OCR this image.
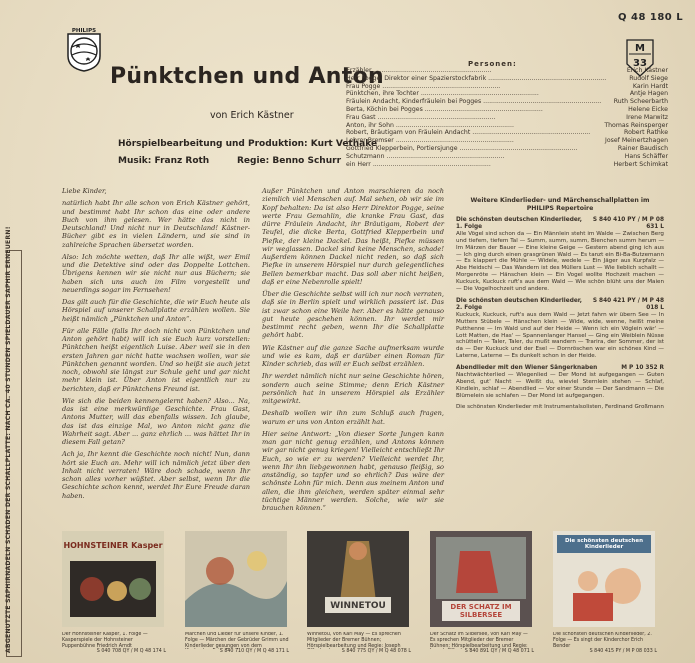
PHILIPS
Q 48 180 L
M
33
Pünktchen und Anton
von Erich Kästner
Hörspielbearbeitung und Produktion: Kurt Vethake
Musik: Franz Roth	Regie: Benno Schurr
Personen:
Erzähler ............................................................	Erich Kästner
Herr Pogge, Direktor einer Spazierstockfabrik ............................................................	Rudolf Siege
Frau Pogge ............................................................	Karin Hardt
Pünktchen, ihre Tochter ............................................................	Antje Hagen
Fräulein Andacht, Kinderfräulein bei Pogges ............................................................	Ruth Scheerbarth
Berta, Köchin bei Pogges ............................................................	Helene Eicke
Frau Gast ............................................................	Irene Marwitz
Anton, ihr Sohn ............................................................	Thomas Reinsperger
Robert, Bräutigam von Fräulein Andacht ............................................................	Robert Rathke
Lehrer Bremser ............................................................	Josef Meinertzhagen
Gottfried Klepperbein, Portiersjunge ............................................................	Rainer Baudisch
Schutzmann ............................................................	Hans Schäffer
ein Herr ............................................................	Herbert Schimkat

Liebe Kinder,

natürlich habt Ihr alle schon von Erich Kästner gehört, und bestimmt habt Ihr schon das eine oder andere Buch von ihm gelesen. Wer hätte das nicht in Deutschland! Und nicht nur in Deutschland! Kästner-Bücher gibt es in vielen Ländern, und sie sind in zahlreiche Sprachen übersetzt worden.

Also: Ich möchte wetten, daß Ihr alle wißt, wer Emil und die Detektive sind oder das Doppelte Lottchen. Übrigens kennen wir sie nicht nur aus Büchern; sie haben sich uns auch im Film vorgestellt und neuerdings sogar im Fernsehen!

Das gilt auch für die Geschichte, die wir Euch heute als Hörspiel auf unserer Schallplatte erzählen wollen. Sie heißt nämlich „Pünktchen und Anton“.

Für alle Fälle (falls Ihr doch nicht von Pünktchen und Anton gehört habt) will ich sie Euch kurz vorstellen: Pünktchen heißt eigentlich Luise. Aber weil sie in den ersten Jahren gar nicht hatte wachsen wollen, war sie Pünktchen genannt worden. Und so heißt sie auch jetzt noch, obwohl sie längst zur Schule geht und gar nicht mehr klein ist. Über Anton ist eigentlich nur zu berichten, daß er Pünktchens Freund ist.

Wie sich die beiden kennengelernt haben? Also... Na, das ist eine merkwürdige Geschichte. Frau Gast, Antons Mutter, will das ebenfalls wissen. Ich glaube, das ist das einzige Mal, wo Anton nicht ganz die Wahrheit sagt. Aber ... ganz ehrlich ... was hättet Ihr in diesem Fall getan?

Ach ja, Ihr kennt die Geschichte noch nicht! Nun, dann hört sie Euch an. Mehr will ich nämlich jetzt über den Inhalt nicht verraten! Wäre doch schade, wenn Ihr schon alles vorher wüßtet. Aber selbst, wenn Ihr die Geschichte schon kennt, werdet Ihr Eure Freude daran haben.

Außer Pünktchen und Anton marschieren da noch ziemlich viel Menschen auf. Mal sehen, ob wir sie im Kopf behalten: Da ist also Herr Direktor Pogge, seine werte Frau Gemahlin, die kranke Frau Gast, das dürre Fräulein Andacht, ihr Bräutigam, Robert der Teufel, die dicke Berta, Gottfried Klepperbein und Piefke, der kleine Dackel. Das heißt, Piefke müssen wir weglassen. Dackel sind keine Menschen, schade! Außerdem können Dackel nicht reden, so daß sich Piefke in unserem Hörspiel nur durch gelegentliches Bellen bemerkbar macht. Das soll aber nicht heißen, daß er eine Nebenrolle spielt!

Über die Geschichte selbst will ich nur noch verraten, daß sie in Berlin spielt und wirklich passiert ist. Das ist zwar schon eine Weile her. Aber es hätte genauso gut heute geschehen können. Ihr werdet mir bestimmt recht geben, wenn Ihr die Schallplatte gehört habt.

Wie Kästner auf die ganze Sache aufmerksam wurde und wie es kam, daß er darüber einen Roman für Kinder schrieb, das will er Euch selbst erzählen.

Ihr werdet nämlich nicht nur seine Geschichte hören, sondern auch seine Stimme; denn Erich Kästner persönlich hat in unserem Hörspiel als Erzähler mitgewirkt.

Deshalb wollen wir ihn zum Schluß auch fragen, warum er uns von Anton erzählt hat.

Hier seine Antwort: „Von dieser Sorte Jungen kann man gar nicht genug erzählen, und Antons können wir gar nicht genug kriegen! Vielleicht entschließt Ihr Euch, so wie er zu werden? Vielleicht werdet Ihr, wenn Ihr ihn liebgewonnen habt, genauso fleißig, so anständig, so tapfer und so ehrlich? Das wäre der schönste Lohn für mich. Denn aus meinem Anton und allen, die ihm gleichen, werden später einmal sehr tüchtige Männer werden. Solche, wie wir sie brauchen können.“

Weitere Kinderlieder- und Märchenschallplatten im PHILIPS Repertoire
Die schönsten deutschen Kinderlieder, 1. Folge
S 840 410 PY / M P 08 631 L
Alle Vögel sind schon da — Ein Männlein steht im Walde — Zwischen Berg und tiefem, tiefem Tal — Summ, summ, summ, Bienchen summ herum — Im Märzen der Bauer — Eine kleine Geige — Gestern abend ging ich aus — Ich ging durch einen grasgrünen Wald — Es tanzt ein Bi-Ba-Butzemann — Es klappert die Mühle — Widele, wedele — Ein Jäger aus Kurpfalz — Abe Heidschi — Das Wandern ist des Müllers Lust — Wie lieblich schallt — Morgenröte — Hänschen klein — Ein Vogel wollte Hochzeit machen — Kuckuck, Kuckuck ruft's aus dem Wald — Wie schön blüht uns der Maien — Die Vogelhochzeit und andere.
Die schönsten deutschen Kinderlieder, 2. Folge
S 840 421 PY / M P 48 018 L
Kuckuck, Kuckuck, ruft's aus dem Wald — Jetzt fahrn wir übern See — In Mutters Stübele — Hänschen klein — Wide, wide, wenne, heißt meine Putthenne — Im Wald und auf der Heide — Wenn ich ein Vöglein wär' — Lott Matten, de Has' — Spannenlanger Hansel — Ging ein Weiblein Nüsse schütteln — Taler, Taler, du mußt wandern — Trarira, der Sommer, der ist da — Der Kuckuck und der Esel — Dornröschen war ein schönes Kind — Laterne, Laterne — Es dunkelt schon in der Heide.
Abendlieder mit den Wiener Sängerknaben	M P 10 352 R
Nachtwächterlied — Wiegenlied — Der Mond ist aufgegangen — Guten Abend, gut' Nacht — Weißt du, wieviel Sternlein stehen — Schlaf, Kindlein, schlaf — Abendlied — Vor einer Stunde — Der Sandmann — Die Blümelein sie schlafen — Der Mond ist aufgegangen.
Die schönsten Kinderlieder mit Instrumentalsolisten, Ferdinand Großmann
ABGENUTZTE SAPHIRNADELN SCHADEN DER SCHALLPLATTE: NACH CA. 40 STUNDEN SPIELDAUER SAPHIR ERNEUERN!	HOHNSTEINER Kasper
Der Hohnsteiner Kasper, 1. Folge — Kasperspiele der Hohnsteiner Puppenbühne Friedrich Arndt
S 040 708 QY / M Q 48 174 L
Märchen und Lieder für unsere Kinder, 1. Folge — Märchen der Gebrüder Grimm und Kinderlieder gesungen von dem
S 840 710 QY / M Q 48 171 L
WINNETOU
Winnetou, von Karl May — Es sprechen Mitglieder der Bremer Bühnen; Hörspielbearbeitung und Regie: Joseph
S 840 775 QY / M Q 48 078 L
DER SCHATZ IM SILBERSEE
Der Schatz im Silbersee, von Karl May — Es sprechen Mitglieder der Bremer Bühnen; Hörspielbearbeitung und Regie:
S 840 891 QY / M Q 48 071 L
Die schönsten deutschen Kinderlieder
Die schönsten deutschen Kinderlieder, 2. Folge — Es singt der Kinderchor Erich Bender
S 840 415 PY / M P 08 033 L
